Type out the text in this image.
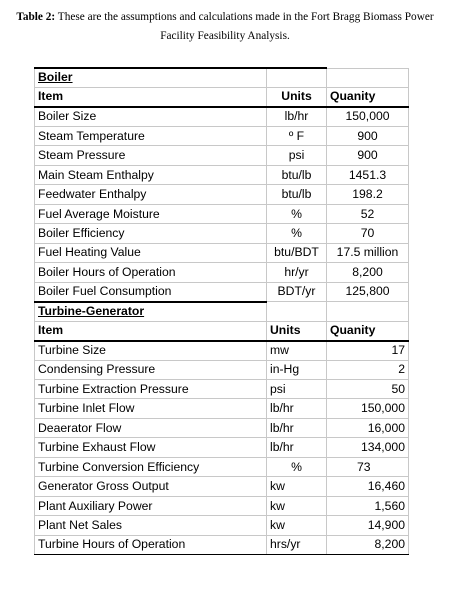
Table 2: These are the assumptions and calculations made in the Fort Bragg Biomass Power Facility Feasibility Analysis.
Boiler		
Item	Units	Quanity
Boiler Size	lb/hr	150,000
Steam Temperature	º F	900
Steam Pressure	psi	900
Main Steam Enthalpy	btu/lb	1451.3
Feedwater Enthalpy	btu/lb	198.2
Fuel Average Moisture	%	52
Boiler Efficiency	%	70
Fuel Heating Value	btu/BDT	17.5 million
Boiler Hours of Operation	hr/yr	8,200
Boiler Fuel Consumption	BDT/yr	125,800
Turbine-Generator		
Item	Units	Quanity
Turbine Size	mw	17
Condensing Pressure	in-Hg	2
Turbine Extraction Pressure	psi	50
Turbine Inlet Flow	lb/hr	150,000
Deaerator Flow	lb/hr	16,000
Turbine Exhaust Flow	lb/hr	134,000
Turbine Conversion Efficiency	%	73
Generator Gross Output	kw	16,460
Plant Auxiliary Power	kw	1,560
Plant Net Sales	kw	14,900
Turbine Hours of Operation	hrs/yr	8,200
